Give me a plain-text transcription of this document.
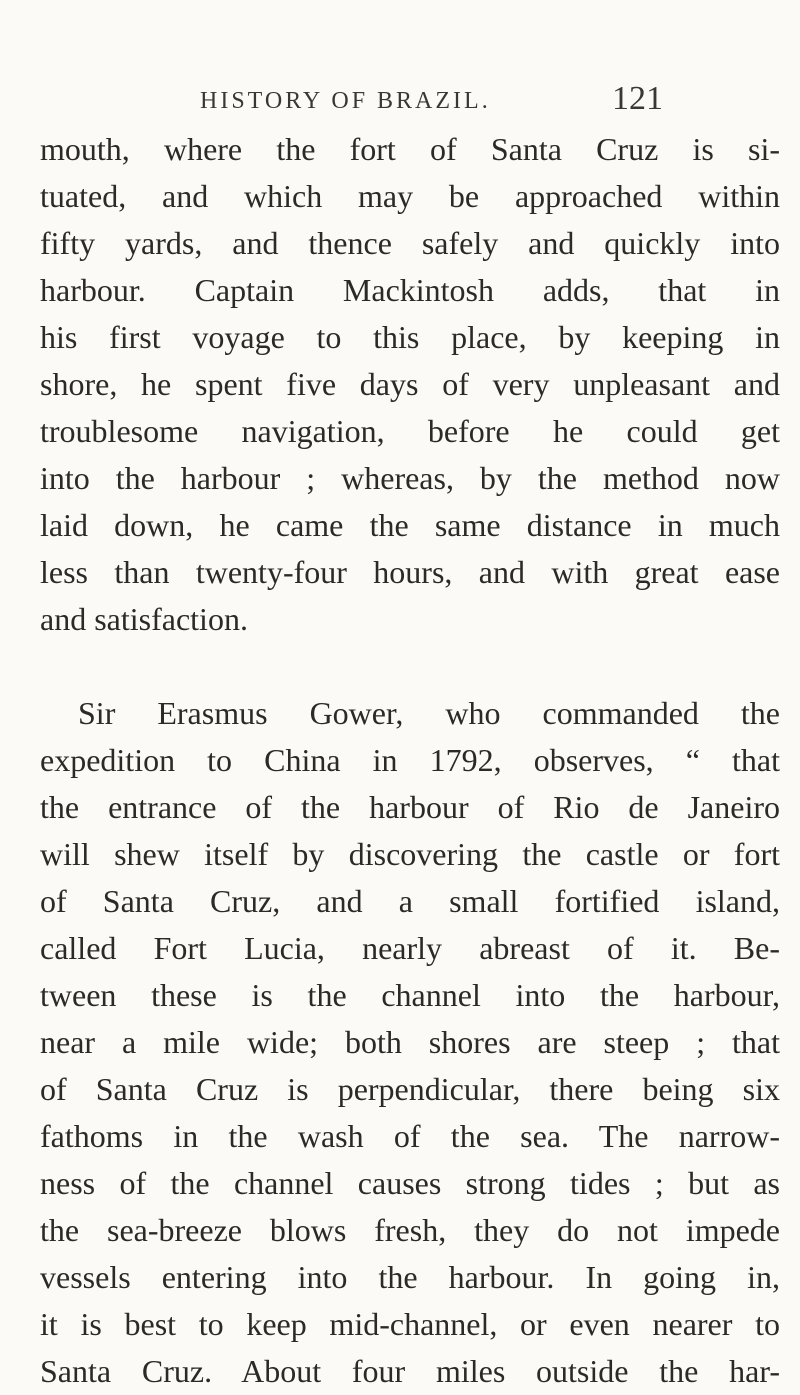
HISTORY OF BRAZIL.	121
mouth, where the fort of Santa Cruz is si-
tuated, and which may be approached within
fifty yards, and thence safely and quickly into
harbour. Captain Mackintosh adds, that in
his first voyage to this place, by keeping in
shore, he spent five days of very unpleasant and
troublesome navigation, before he could get
into the harbour ; whereas, by the method now
laid down, he came the same distance in much
less than twenty-four hours, and with great ease
and satisfaction.
Sir Erasmus Gower, who commanded the
expedition to China in 1792, observes, “ that
the entrance of the harbour of Rio de Janeiro
will shew itself by discovering the castle or fort
of Santa Cruz, and a small fortified island,
called Fort Lucia, nearly abreast of it. Be-
tween these is the channel into the harbour,
near a mile wide; both shores are steep ; that
of Santa Cruz is perpendicular, there being six
fathoms in the wash of the sea. The narrow-
ness of the channel causes strong tides ; but as
the sea-breeze blows fresh, they do not impede
vessels entering into the harbour. In going in,
it is best to keep mid-channel, or even nearer to
Santa Cruz. About four miles outside the har-
